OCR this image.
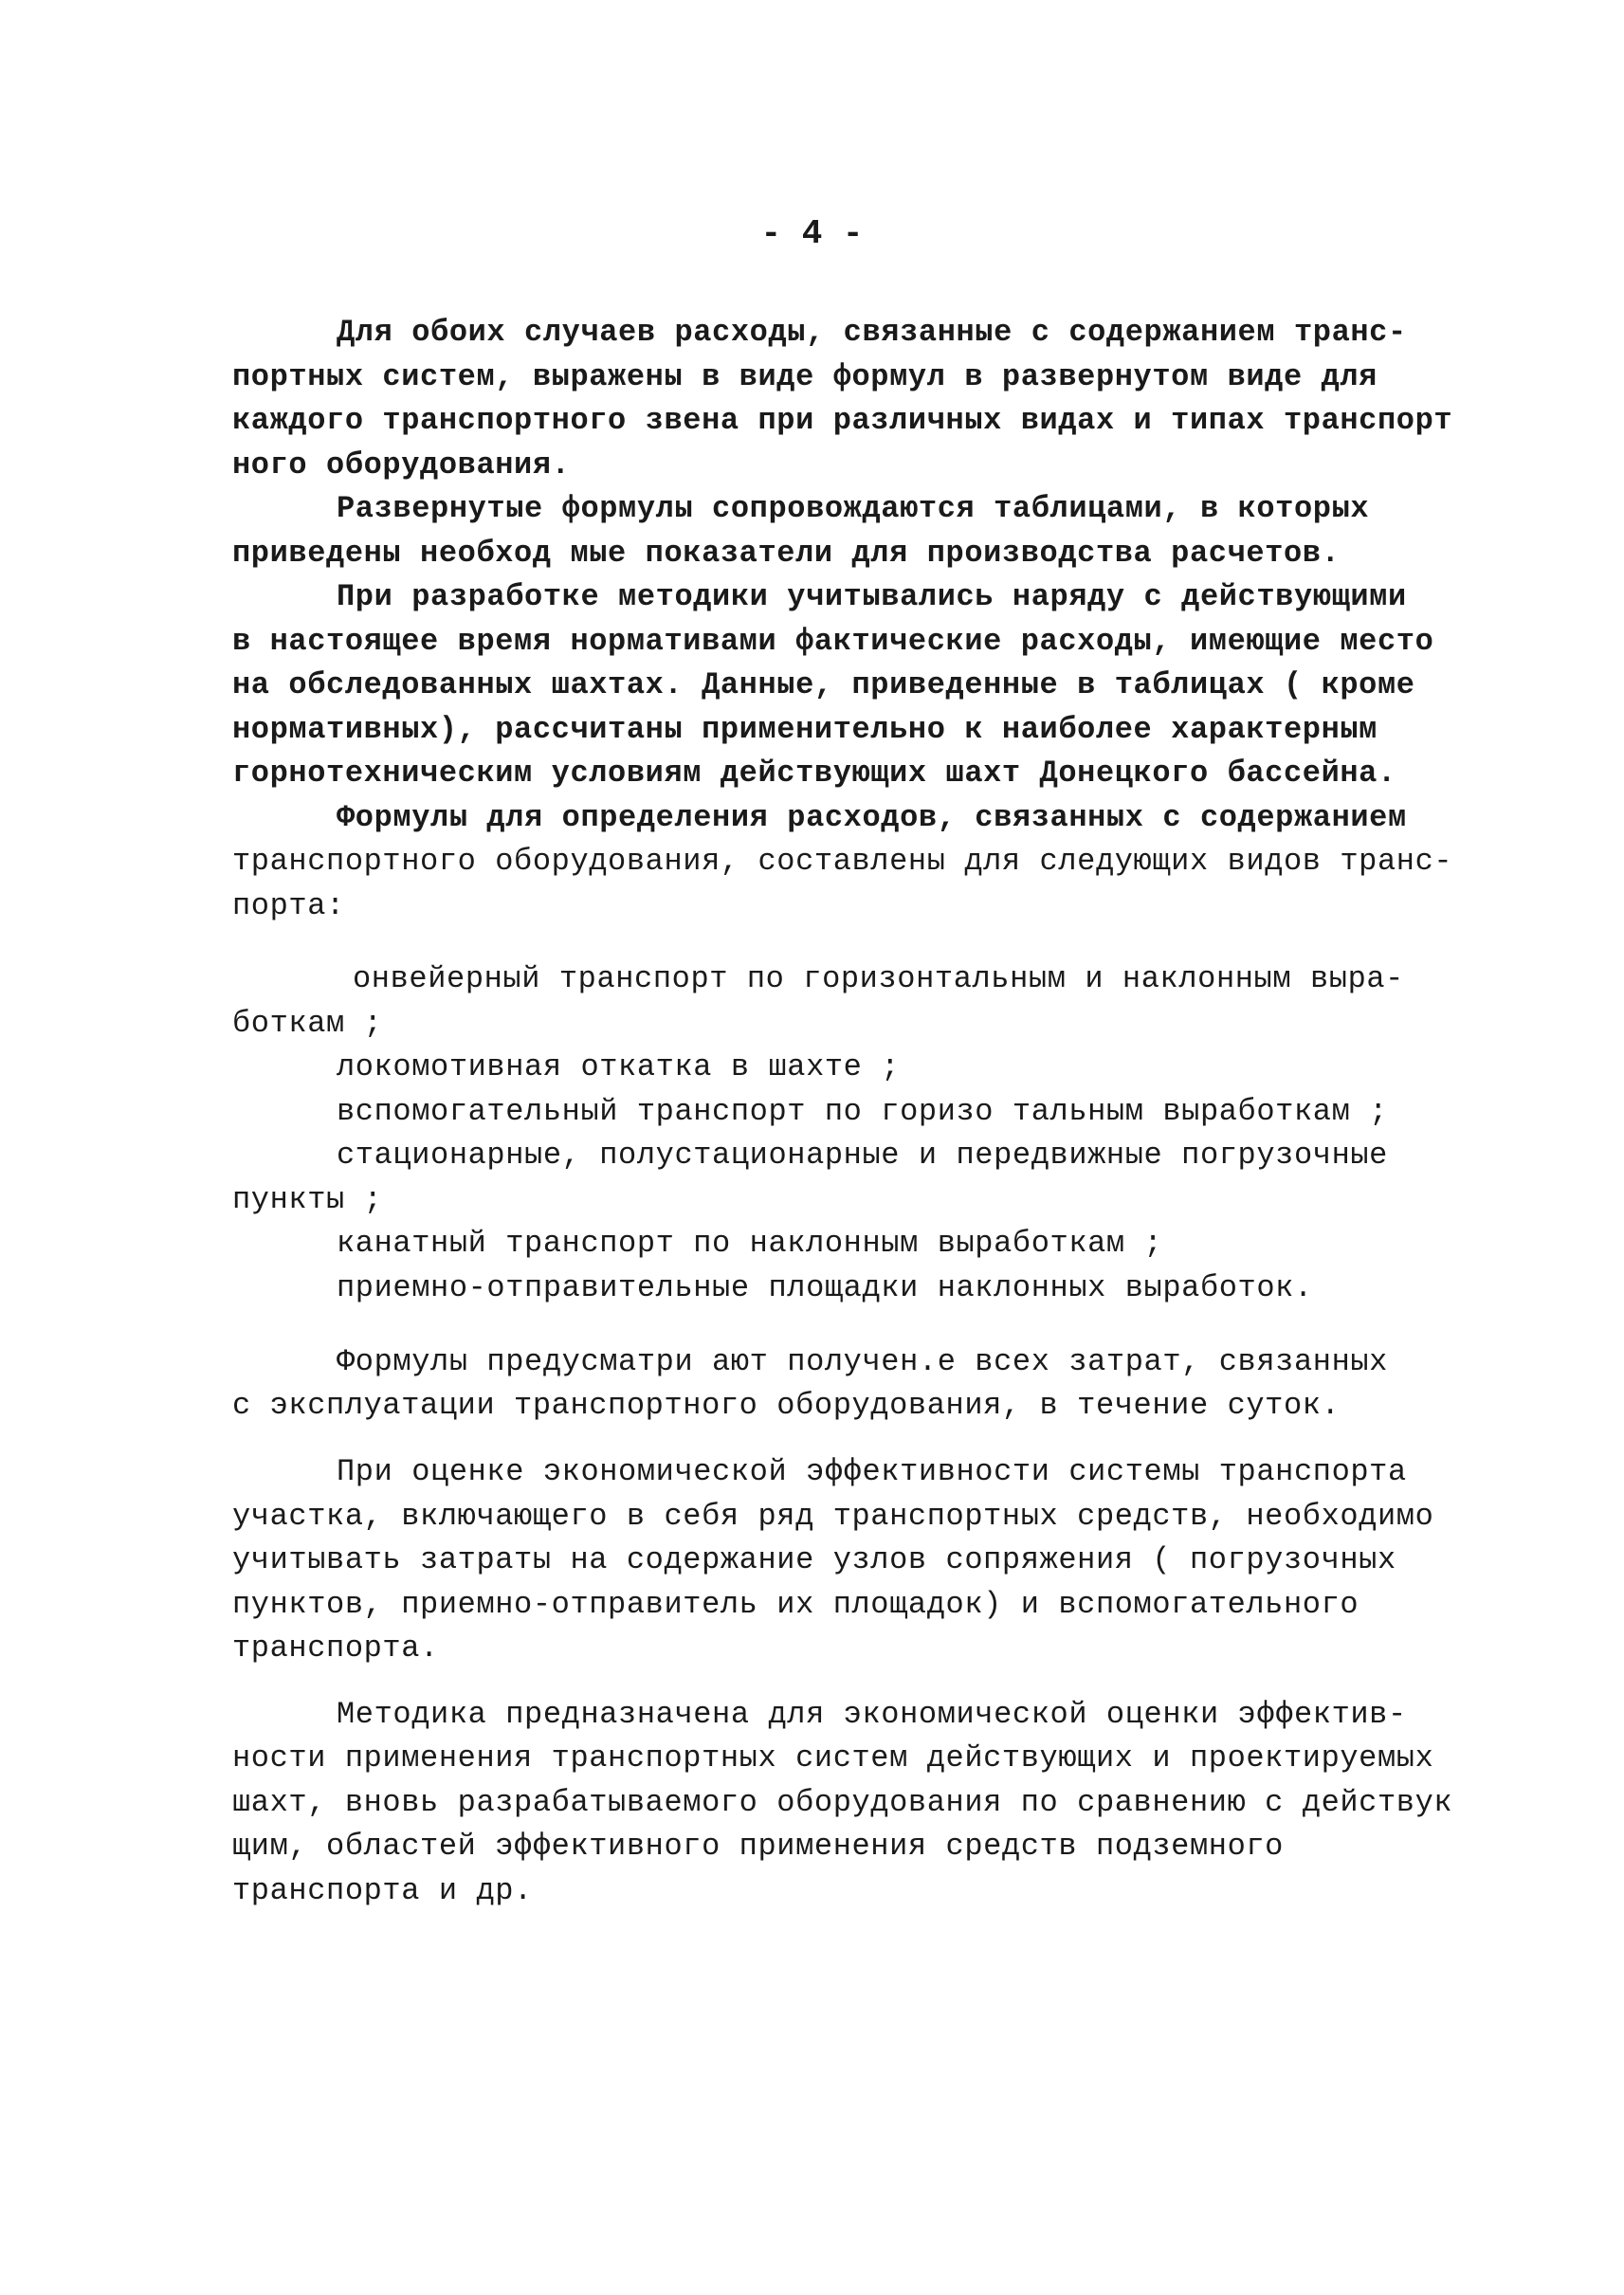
- 4 -
Для обоих случаев расходы, связанные с содержанием транс-
портных систем, выражены в виде формул в развернутом виде для
каждого транспортного звена при различных видах и типах транспорт
ного оборудования.
Развернутые формулы сопровождаются таблицами, в которых
приведены необход мые показатели для производства расчетов.
При разработке методики учитывались наряду с действующими
в настоящее время нормативами фактические расходы, имеющие место
на обследованных шахтах. Данные, приведенные в таблицах ( кроме
нормативных), рассчитаны применительно к наиболее характерным
горнотехническим условиям действующих шахт Донецкого бассейна.
Формулы для определения расходов, связанных с содержанием
транспортного оборудования, составлены для следующих видов транс-
порта:
онвейерный транспорт по горизонтальным и наклонным выра-
боткам ;
локомотивная откатка в шахте ;
вспомогательный транспорт по горизо тальным выработкам ;
стационарные, полустационарные и передвижные погрузочные
пункты ;
канатный транспорт по наклонным выработкам ;
приемно-отправительные площадки наклонных выработок.
Формулы предусматри ают получен.е всех затрат, связанных
с эксплуатации транспортного оборудования, в течение суток.
При оценке экономической эффективности системы транспорта
участка, включающего в себя ряд транспортных средств, необходимо
учитывать затраты на содержание узлов сопряжения ( погрузочных
пунктов, приемно-отправитель их площадок) и вспомогательного
транспорта.
Методика предназначена для экономической оценки эффектив-
ности применения транспортных систем действующих и проектируемых
шахт, вновь разрабатываемого оборудования по сравнению с действук
щим, областей эффективного применения средств подземного
транспорта и др.
